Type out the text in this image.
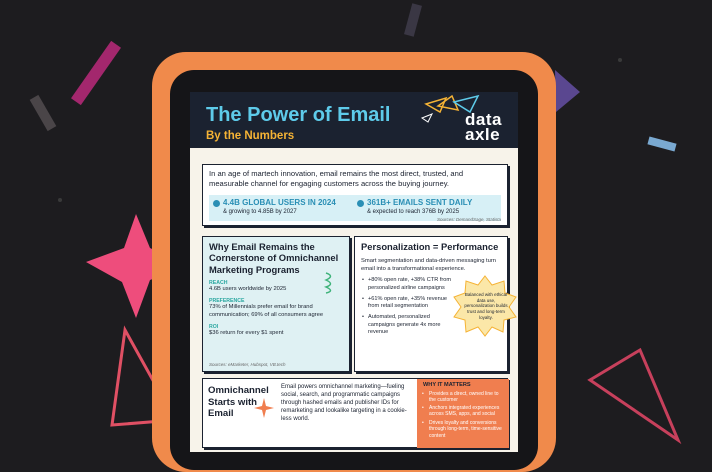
The Power of Email
By the Numbers
data
axle
In an age of martech innovation, email remains the most direct, trusted, and measurable channel for engaging customers across the buying journey.
4.4B GLOBAL USERS IN 2024
& growing to 4.85B by 2027
361B+ EMAILS SENT DAILY
& expected to reach 376B by 2025
Sources: DemandSage, Statista
Why Email Remains the Cornerstone of Omnichannel Marketing Programs
REACH
4.6B users worldwide by 2025
PREFERENCE
73% of Millennials prefer email for brand communication; 69% of all consumers agree
ROI
$36 return for every $1 spent
Sources: eMarketer, Hubspot, VB.tech
Personalization = Performance
Smart segmentation and data-driven messaging turn email into a transformational experience.
• +80% open rate, +38% CTR from personalized airline campaigns
• +61% open rate, +35% revenue from retail segmentation
• Automated, personalized campaigns generate 4x more revenue
Balanced with ethical data use, personalization builds trust and long-term loyalty.
Omnichannel
Starts with
Email
Email powers omnichannel marketing—fueling social, search, and programmatic campaigns through hashed emails and publisher IDs for remarketing and lookalike targeting in a cookie-less world.
WHY IT MATTERS
• Provides a direct, owned line to the customer
• Anchors integrated experiences across SMS, apps, and social
• Drives loyalty and conversions through long-term, time-sensitive content
